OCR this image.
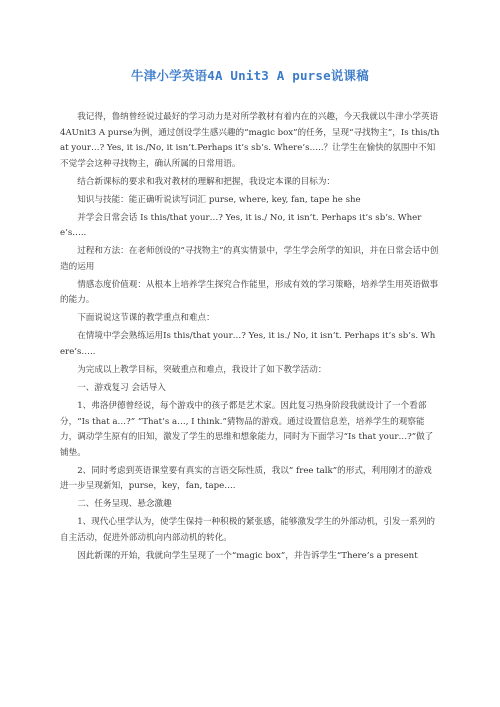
牛津小学英语4A Unit3 A purse说课稿

我记得，鲁纳曾经说过最好的学习动力是对所学教材有着内在的兴趣，今天我就以牛津小学英语4AUnit3 A purse为例，通过创设学生感兴趣的“magic box”的任务，呈现“寻找物主”，Is this/that your…? Yes, it is./No, it isn’t.Perhaps it’s sb’s. Where’s…..？让学生在愉快的氛围中不知不觉学会这种寻找物主，确认所属的日常用语。

结合新课标的要求和我对教材的理解和把握，我设定本课的目标为：

知识与技能：能正确听说读写词汇 purse, where, key, fan, tape he she

并学会日常会话 Is this/that your…? Yes, it is./ No, it isn’t. Perhaps it’s sb’s. Where’s…..

过程和方法：在老师创设的“寻找物主”的真实情景中，学生学会所学的知识，并在日常会话中创造的运用

情感态度价值观：从根本上培养学生探究合作能里，形成有效的学习策略，培养学生用英语做事的能力。

下面说说这节课的教学重点和难点：

在情境中学会熟练运用Is this/that your…? Yes, it is./ No, it isn’t. Perhaps it’s sb’s. Where’s…..

为完成以上教学目标，突破重点和难点，我设计了如下教学活动：

一、游戏复习 会话导入

1、弗洛伊德曾经说，每个游戏中的孩子都是艺术家。因此复习热身阶段我就设计了一个看部分，“Is that a…?” ”That’s a…, I think.”猜物品的游戏。通过设置信息差，培养学生的观察能力，调动学生原有的旧知，激发了学生的思维和想象能力，同时为下面学习“Is that your…?”做了铺垫。

2、同时考虑到英语课堂要有真实的言语交际性质，我以” free talk”的形式，利用刚才的游戏进一步呈现新知，purse，key，fan, tape….

二、任务呈现、悬念激趣

1、现代心里学认为，使学生保持一种积极的紧张感，能够激发学生的外部动机，引发一系列的自主活动，促进外部动机向内部动机的转化。

因此新课的开始，我就向学生呈现了一个“magic box”，并告诉学生“There’s a present
